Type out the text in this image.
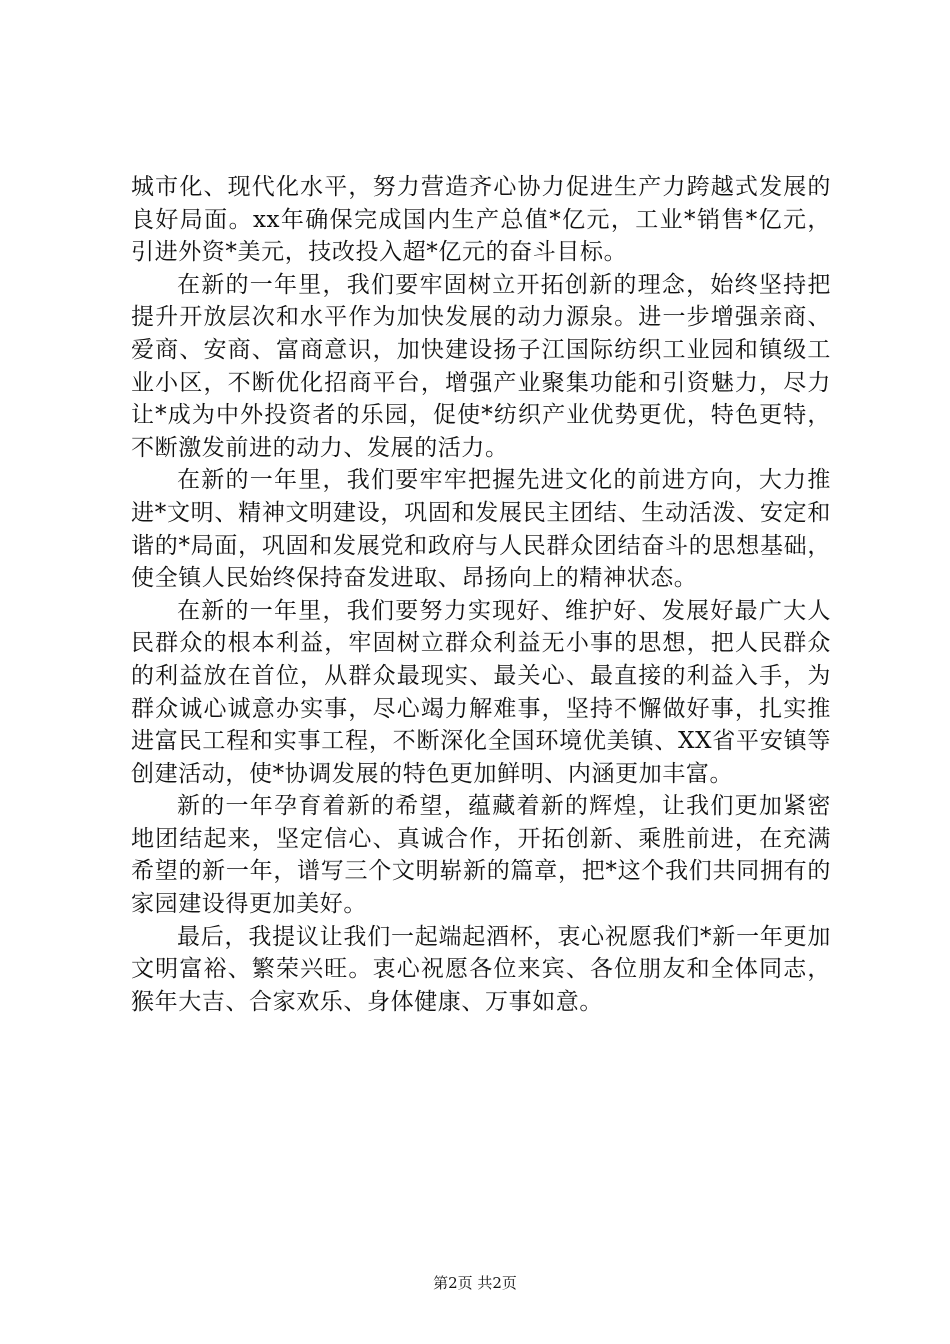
城市化、现代化水平，努力营造齐心协力促进生产力跨越式发展的良好局面。xx年确保完成国内生产总值*亿元，工业*销售*亿元，引进外资*美元，技改投入超*亿元的奋斗目标。

在新的一年里，我们要牢固树立开拓创新的理念，始终坚持把提升开放层次和水平作为加快发展的动力源泉。进一步增强亲商、爱商、安商、富商意识，加快建设扬子江国际纺织工业园和镇级工业小区，不断优化招商平台，增强产业聚集功能和引资魅力，尽力让*成为中外投资者的乐园，促使*纺织产业优势更优，特色更特，不断激发前进的动力、发展的活力。

在新的一年里，我们要牢牢把握先进文化的前进方向，大力推进*文明、精神文明建设，巩固和发展民主团结、生动活泼、安定和谐的*局面，巩固和发展党和政府与人民群众团结奋斗的思想基础，使全镇人民始终保持奋发进取、昂扬向上的精神状态。

在新的一年里，我们要努力实现好、维护好、发展好最广大人民群众的根本利益，牢固树立群众利益无小事的思想，把人民群众的利益放在首位，从群众最现实、最关心、最直接的利益入手，为群众诚心诚意办实事，尽心竭力解难事，坚持不懈做好事，扎实推进富民工程和实事工程，不断深化全国环境优美镇、XX省平安镇等创建活动，使*协调发展的特色更加鲜明、内涵更加丰富。

新的一年孕育着新的希望，蕴藏着新的辉煌，让我们更加紧密地团结起来，坚定信心、真诚合作，开拓创新、乘胜前进，在充满希望的新一年，谱写三个文明崭新的篇章，把*这个我们共同拥有的家园建设得更加美好。

最后，我提议让我们一起端起酒杯，衷心祝愿我们*新一年更加文明富裕、繁荣兴旺。衷心祝愿各位来宾、各位朋友和全体同志，猴年大吉、合家欢乐、身体健康、万事如意。

第2页 共2页
